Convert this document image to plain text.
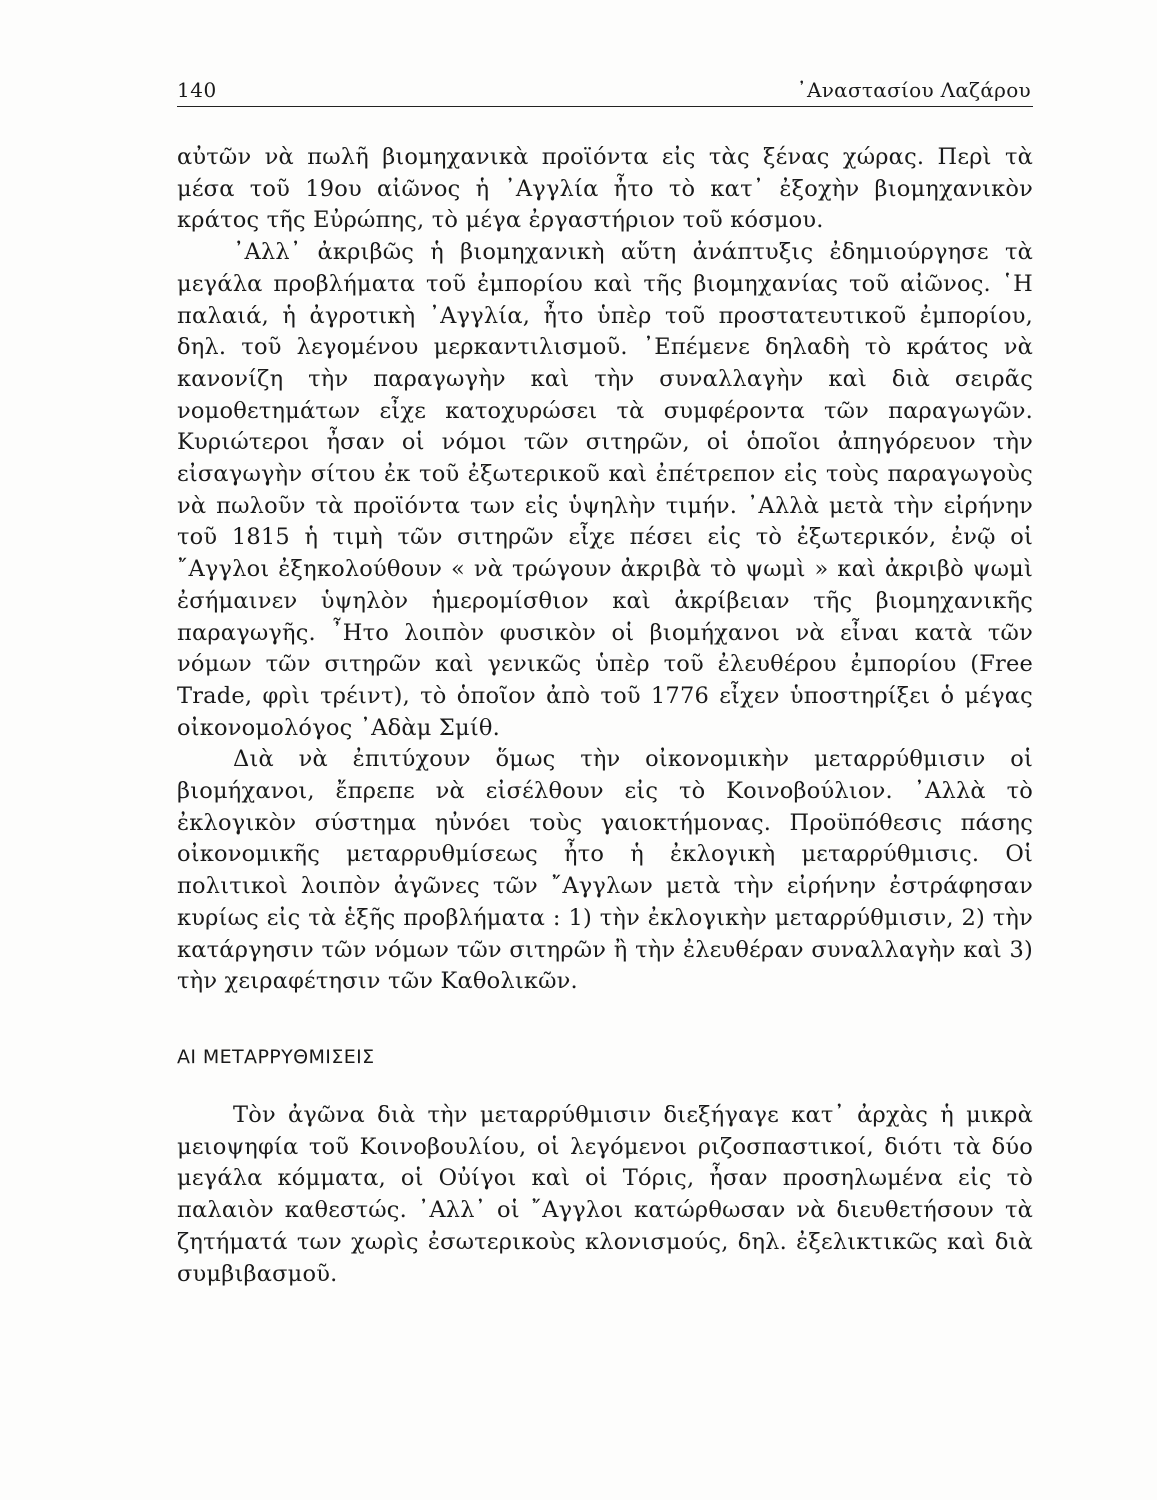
140	᾿Αναστασίου Λαζάρου

αὐτῶν νὰ πωλῆ βιομηχανικὰ προϊόντα εἰς τὰς ξένας χώρας. Περὶ τὰ μέσα τοῦ 19ου αἰῶνος ἡ ᾿Αγγλία ἦτο τὸ κατ᾿ ἐξοχὴν βιομηχανικὸν κράτος τῆς Εὐρώπης, τὸ μέγα ἐργαστήριον τοῦ κόσμου.

᾿Αλλ᾿ ἀκριβῶς ἡ βιομηχανικὴ αὕτη ἀνάπτυξις ἐδημιούργησε τὰ μεγάλα προβλήματα τοῦ ἐμπορίου καὶ τῆς βιομηχανίας τοῦ αἰῶνος. ῾Η παλαιά, ἡ ἀγροτικὴ ᾿Αγγλία, ἦτο ὑπὲρ τοῦ προστατευτικοῦ ἐμπορίου, δηλ. τοῦ λεγομένου μερκαντιλισμοῦ. ᾿Επέμενε δηλαδὴ τὸ κράτος νὰ κανονίζη τὴν παραγωγὴν καὶ τὴν συναλλαγὴν καὶ διὰ σειρᾶς νομοθετημάτων εἶχε κατοχυρώσει τὰ συμφέροντα τῶν παραγωγῶν. Κυριώτεροι ἦσαν οἱ νόμοι τῶν σιτηρῶν, οἱ ὁποῖοι ἀπηγόρευον τὴν εἰσαγωγὴν σίτου ἐκ τοῦ ἐξωτερικοῦ καὶ ἐπέτρεπον εἰς τοὺς παραγωγοὺς νὰ πωλοῦν τὰ προϊόντα των εἰς ὑψηλὴν τιμήν. ᾿Αλλὰ μετὰ τὴν εἰρήνην τοῦ 1815 ἡ τιμὴ τῶν σιτηρῶν εἶχε πέσει εἰς τὸ ἐξωτερικόν, ἐνῷ οἱ ῎Αγγλοι ἐξηκολούθουν « νὰ τρώγουν ἀκριβὰ τὸ ψωμὶ » καὶ ἀκριβὸ ψωμὶ ἐσήμαινεν ὑψηλὸν ἡμερομίσθιον καὶ ἀκρίβειαν τῆς βιομηχανικῆς παραγωγῆς. ῏Ητο λοιπὸν φυσικὸν οἱ βιομήχανοι νὰ εἶναι κατὰ τῶν νόμων τῶν σιτηρῶν καὶ γενικῶς ὑπὲρ τοῦ ἐλευθέρου ἐμπορίου (Free Trade, φρὶι τρέιντ), τὸ ὁποῖον ἀπὸ τοῦ 1776 εἶχεν ὑποστηρίξει ὁ μέγας οἰκονομολόγος ᾿Αδὰμ Σμίθ.

Διὰ νὰ ἐπιτύχουν ὅμως τὴν οἰκονομικὴν μεταρρύθμισιν οἱ βιομήχανοι, ἔπρεπε νὰ εἰσέλθουν εἰς τὸ Κοινοβούλιον. ᾿Αλλὰ τὸ ἐκλογικὸν σύστημα ηὐνόει τοὺς γαιοκτήμονας. Προϋπόθεσις πάσης οἰκονομικῆς μεταρρυθμίσεως ἦτο ἡ ἐκλογικὴ μεταρρύθμισις. Οἱ πολιτικοὶ λοιπὸν ἀγῶνες τῶν ῎Αγγλων μετὰ τὴν εἰρήνην ἐστράφησαν κυρίως εἰς τὰ ἑξῆς προβλήματα : 1) τὴν ἐκλογικὴν μεταρρύθμισιν, 2) τὴν κατάργησιν τῶν νόμων τῶν σιτηρῶν ἢ τὴν ἐλευθέραν συναλλαγὴν καὶ 3) τὴν χειραφέτησιν τῶν Καθολικῶν.

ΑΙ ΜΕΤΑΡΡΥΘΜΙΣΕΙΣ

Τὸν ἀγῶνα διὰ τὴν μεταρρύθμισιν διεξήγαγε κατ᾿ ἀρχὰς ἡ μικρὰ μειοψηφία τοῦ Κοινοβουλίου, οἱ λεγόμενοι ριζοσπαστικοί, διότι τὰ δύο μεγάλα κόμματα, οἱ Οὐίγοι καὶ οἱ Τόρις, ἦσαν προσηλωμένα εἰς τὸ παλαιὸν καθεστώς. ᾿Αλλ᾿ οἱ ῎Αγγλοι κατώρθωσαν νὰ διευθετήσουν τὰ ζητήματά των χωρὶς ἐσωτερικοὺς κλονισμούς, δηλ. ἐξελικτικῶς καὶ διὰ συμβιβασμοῦ.
